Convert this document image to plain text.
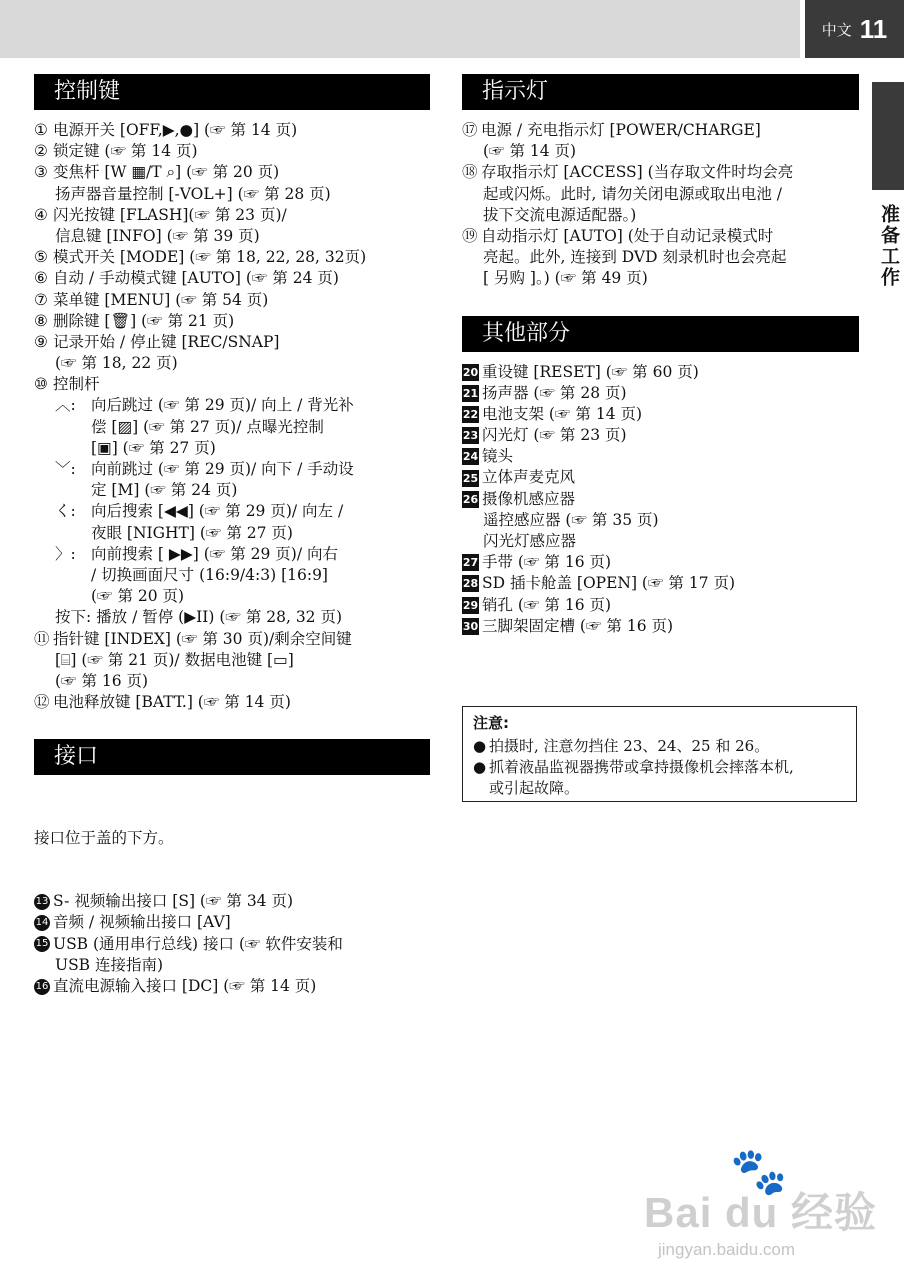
中文 11
准备工作
控制键
① 电源开关 [OFF,▶,●] (☞ 第 14 页)
② 锁定键 (☞ 第 14 页)
③ 变焦杆 [W ▦/T ⌕] (☞ 第 20 页)
扬声器音量控制 [-VOL+] (☞ 第 28 页)
④ 闪光按键 [FLASH](☞ 第 23 页)/
信息键 [INFO] (☞ 第 39 页)
⑤ 模式开关 [MODE] (☞ 第 18, 22, 28, 32页)
⑥ 自动 / 手动模式键 [AUTO] (☞ 第 24 页)
⑦ 菜单键 [MENU] (☞ 第 54 页)
⑧ 删除键 [🗑] (☞ 第 21 页)
⑨ 记录开始 / 停止键 [REC/SNAP]
(☞ 第 18, 22 页)
⑩ 控制杆
︿: 向后跳过 (☞ 第 29 页)/ 向上 / 背光补
偿 [▨] (☞ 第 27 页)/ 点曝光控制
[▣] (☞ 第 27 页)
﹀: 向前跳过 (☞ 第 29 页)/ 向下 / 手动设
定 [M] (☞ 第 24 页)
く: 向后搜索 [◀◀] (☞ 第 29 页)/ 向左 /
夜眼 [NIGHT] (☞ 第 27 页)
〉: 向前搜索 [ ▶▶] (☞ 第 29 页)/ 向右
/ 切换画面尺寸 (16:9/4:3) [16:9]
(☞ 第 20 页)
按下: 播放 / 暂停 (▶II) (☞ 第 28, 32 页)
⑪ 指针键 [INDEX] (☞ 第 30 页)/剩余空间键
[⌸] (☞ 第 21 页)/ 数据电池键 [▭]
(☞ 第 16 页)
⑫ 电池释放键 [BATT.] (☞ 第 14 页)
接口

接口位于盖的下方。

13 S- 视频输出接口 [S] (☞ 第 34 页)
14 音频 / 视频输出接口 [AV]
15 USB (通用串行总线) 接口 (☞ 软件安装和
USB 连接指南)
16 直流电源输入接口 [DC] (☞ 第 14 页)

指示灯
⑰ 电源 / 充电指示灯 [POWER/CHARGE]
(☞ 第 14 页)
⑱ 存取指示灯 [ACCESS] (当存取文件时均会亮
起或闪烁。此时, 请勿关闭电源或取出电池 /
拔下交流电源适配器。)
⑲ 自动指示灯 [AUTO] (处于自动记录模式时
亮起。此外, 连接到 DVD 刻录机时也会亮起
[ 另购 ]。) (☞ 第 49 页)
其他部分
20 重设键 [RESET] (☞ 第 60 页)
21 扬声器 (☞ 第 28 页)
22 电池支架 (☞ 第 14 页)
23 闪光灯 (☞ 第 23 页)
24 镜头
25 立体声麦克风
26 摄像机感应器
遥控感应器 (☞ 第 35 页)
闪光灯感应器
27 手带 (☞ 第 16 页)
28 SD 插卡舱盖 [OPEN] (☞ 第 17 页)
29 销孔 (☞ 第 16 页)
30 三脚架固定槽 (☞ 第 16 页)
注意:
● 拍摄时, 注意勿挡住 23、24、25 和 26。
● 抓着液晶监视器携带或拿持摄像机会摔落本机,
或引起故障。
🐾
Bai du 经验
jingyan.baidu.com
